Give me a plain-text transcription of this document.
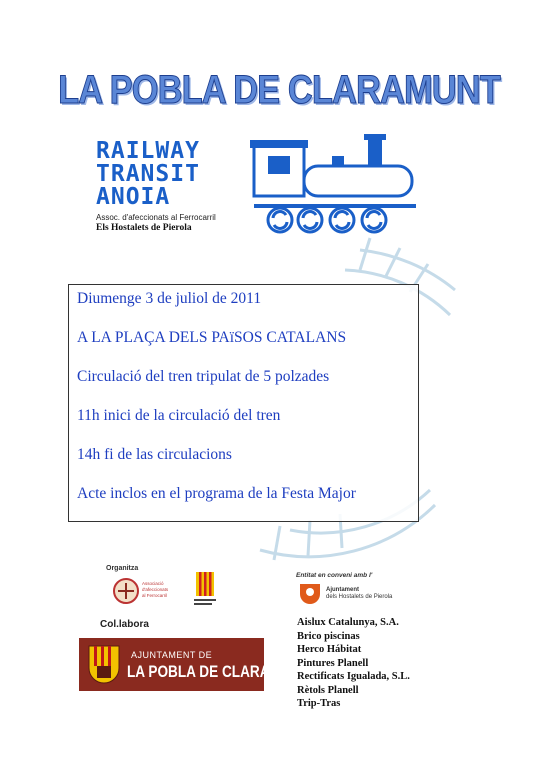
LA POBLA DE CLARAMUNT
RAILWAY
TRANSIT
ANOIA
Assoc. d'afeccionats al Ferrocarril
Els Hostalets de Pierola
Diumenge 3 de juliol de 2011
A LA PLAÇA DELS PAïSOS CATALANS
Circulació del tren tripulat de 5 polzades
11h inici de la circulació del tren
14h fi de las circulacions
Acte inclos en el programa de la Festa Major
Organitza
Associació
d'afeccionats
al Ferrocarril
Entitat en conveni amb l'
Ajuntament
dels Hostalets de Pierola
Col.labora
AJUNTAMENT DE
LA POBLA DE CLARAMUNT
Aislux Catalunya, S.A.
Brico piscinas
Herco Hábitat
Pintures Planell
Rectificats Igualada, S.L.
Rètols Planell
Trip-Tras
